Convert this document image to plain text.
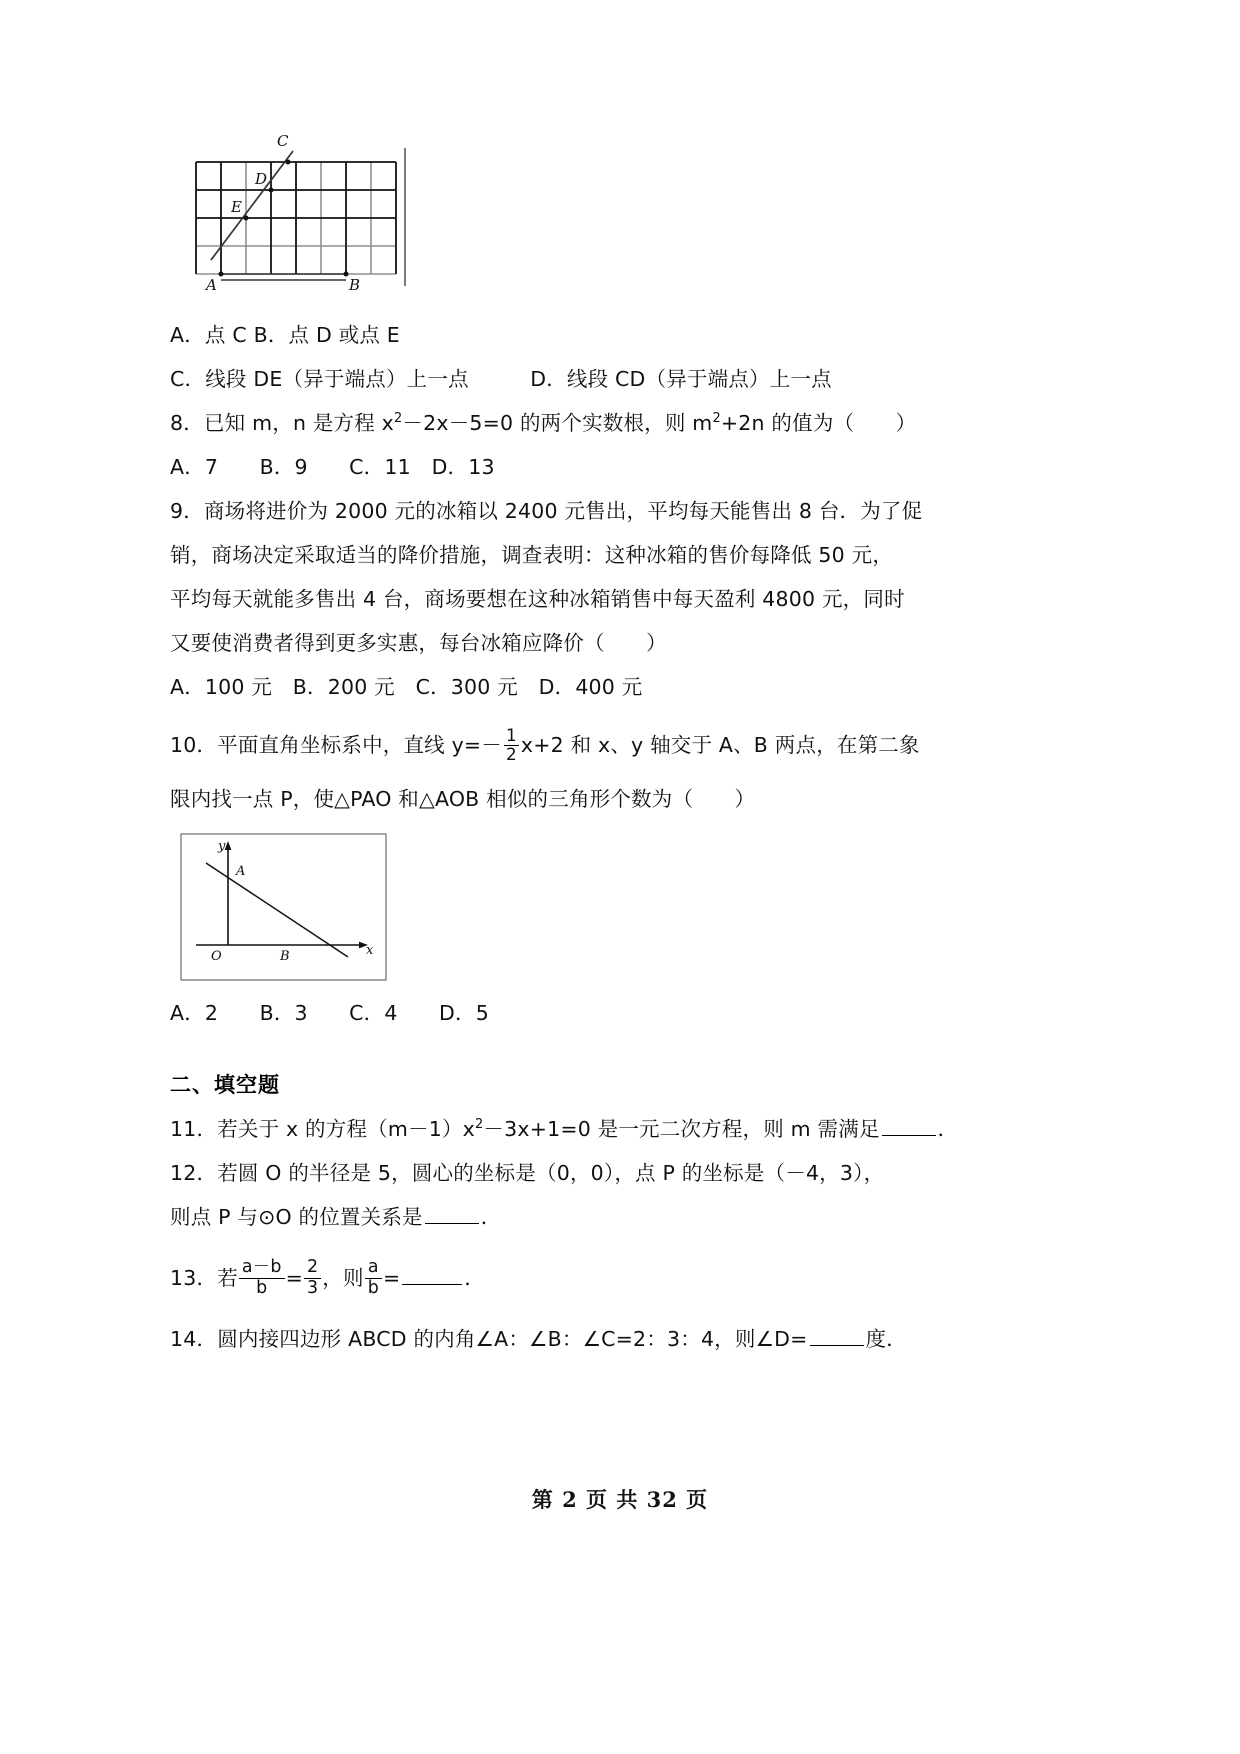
C
D
E
A	B
A．点 C B．点 D 或点 E
C．线段 DE（异于端点）上一点	D．线段 CD（异于端点）上一点
8．已知 m，n 是方程 $x^2-2x-5=0$ 的两个实数根，则 $m^2+2n$ 的值为（　　）
A．7　　B．9　　C．11　D．13
9．商场将进价为 2000 元的冰箱以 2400 元售出，平均每天能售出 8 台．为了促
销，商场决定采取适当的降价措施，调查表明：这种冰箱的售价每降低 50 元，
平均每天就能多售出 4 台，商场要想在这种冰箱销售中每天盈利 4800 元，同时
又要使消费者得到更多实惠，每台冰箱应降价（　　）
A．100 元　B．200 元　C．300 元　D．400 元
10．平面直角坐标系中，直线 $y=- \frac{1}{2} x+2$ 和 x、y 轴交于 A、B 两点，在第二象
限内找一点 P，使△PAO 和△AOB 相似的三角形个数为（　　）
y
x
O
A
B
A．2　　B．3　　C．4　　D．5
二、填空题
11．若关于 x 的方程$(m-1)x^2-3x+1=0$ 是一元二次方程，则 m 需满足	．
12．若圆 O 的半径是 5，圆心的坐标是（0，0），点 P 的坐标是（－4，3），
则点 P 与⊙O 的位置关系是	．
13．若 $\frac{a-b}{b} = \frac{2}{3}$ ，则 $\frac{a}{b}$ =	．
14．圆内接四边形 ABCD 的内角∠A：∠B：∠C=2：3：4，则∠D=	度．
第 2 页 共 32 页
